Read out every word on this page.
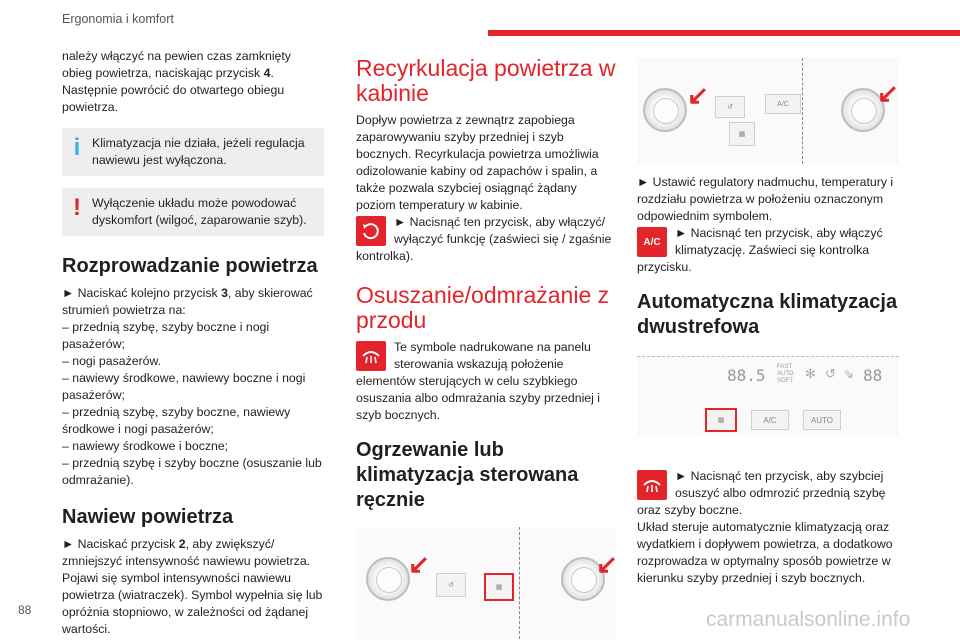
Ergonomia i komfort

należy włączyć na pewien czas zamknięty obieg powietrza, naciskając przycisk 4. Następnie powrócić do otwartego obiegu powietrza.

i Klimatyzacja nie działa, jeżeli regulacja nawiewu jest wyłączona.
! Wyłączenie układu może powodować dyskomfort (wilgoć, zaparowanie szyb).
Rozprowadzanie powietrza

► Naciskać kolejno przycisk 3, aby skierować strumień powietrza na:

– przednią szybę, szyby boczne i nogi pasażerów;

– nogi pasażerów.

– nawiewy środkowe, nawiewy boczne i nogi pasażerów;

– przednią szybę, szyby boczne, nawiewy środkowe i nogi pasażerów;

– nawiewy środkowe i boczne;

– przednią szybę i szyby boczne (osuszanie lub odmrażanie).

Nawiew powietrza

► Naciskać przycisk 2, aby zwiększyć/ zmniejszyć intensywność nawiewu powietrza. Pojawi się symbol intensywności nawiewu powietrza (wiatraczek). Symbol wypełnia się lub opróżnia stopniowo, w zależności od żądanej wartości.

Recyrkulacja powietrza w kabinie

Dopływ powietrza z zewnątrz zapobiega zaparowywaniu szyby przedniej i szyb bocznych. Recyrkulacja powietrza umożliwia odizolowanie kabiny od zapachów i spalin, a także pozwala szybciej osiągnąć żądany poziom temperatury w kabinie.

► Nacisnąć ten przycisk, aby włączyć/ wyłączyć funkcję (zaświeci się / zgaśnie kontrolka).

Osuszanie/odmrażanie z przodu

Te symbole nadrukowane na panelu sterowania wskazują położenie elementów sterujących w celu szybkiego osuszania albo odmrażania szyby przedniej i szyb bocznych.

Ogrzewanie lub klimatyzacja sterowana ręcznie
↺	▦
↙	↙
↺	A/C
▦
↙	↙

► Ustawić regulatory nadmuchu, temperatury i rozdziału powietrza w położeniu oznaczonym odpowiednim symbolem.

A/C

► Nacisnąć ten przycisk, aby włączyć klimatyzację. Zaświeci się kontrolka przycisku.

Automatyczna klimatyzacja dwustrefowa
88.5 FAST
AUTO
SOFT ✻ ↺ ⇘ 88
▦	A/C	AUTO

► Nacisnąć ten przycisk, aby szybciej osuszyć albo odmrozić przednią szybę oraz szyby boczne.

Układ steruje automatycznie klimatyzacją oraz wydatkiem i dopływem powietrza, a dodatkowo rozprowadza w optymalny sposób powietrze w kierunku szyby przedniej i szyb bocznych.

88	carmanualsonline.info
